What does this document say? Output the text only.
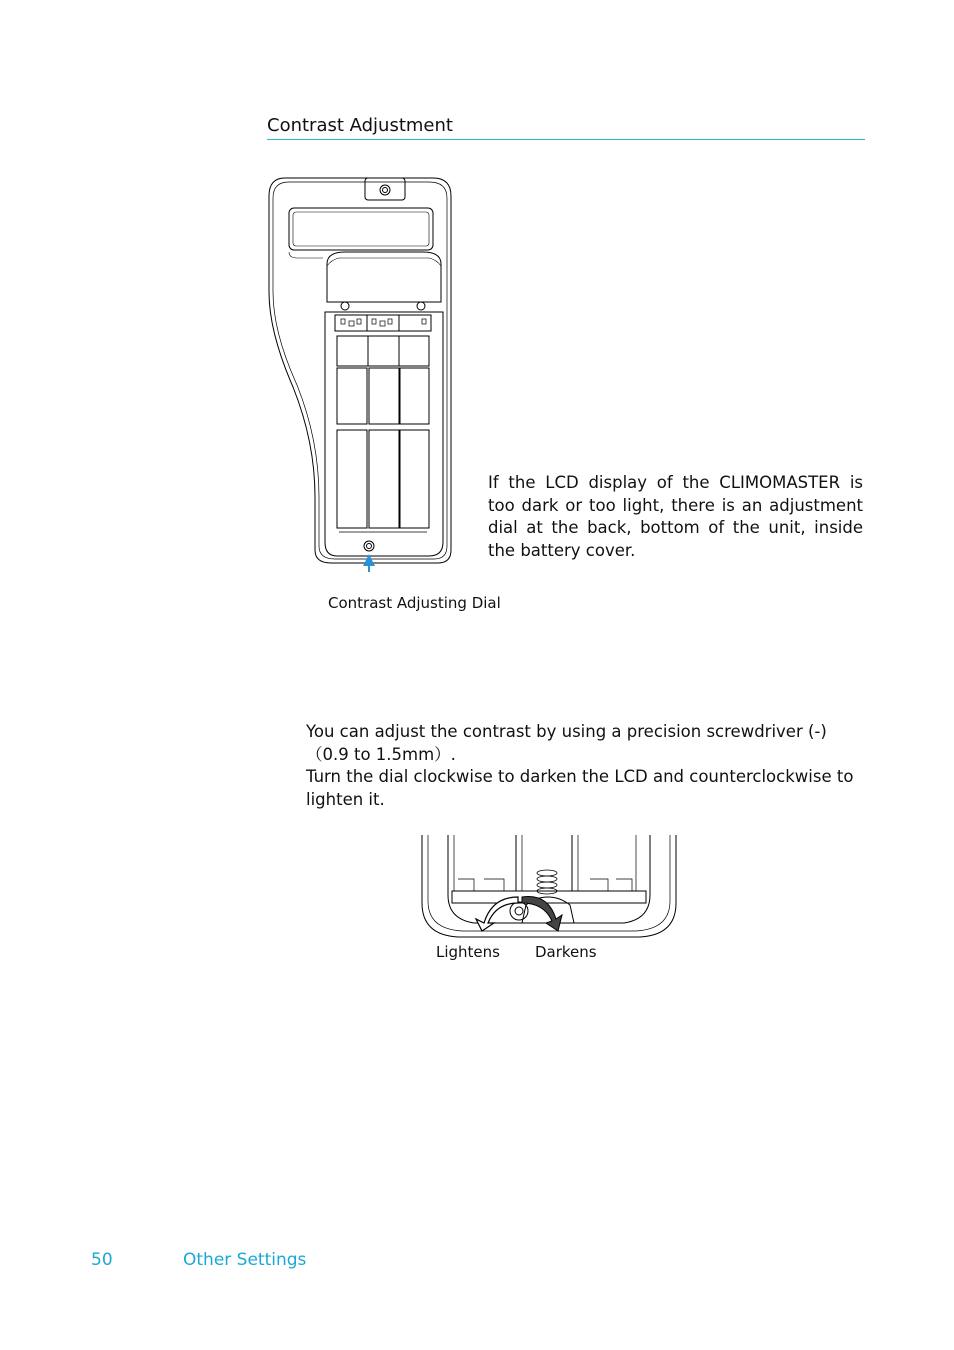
Contrast Adjustment
Contrast Adjusting Dial
If the LCD display of the CLIMOMASTER is too dark or too light, there is an adjustment dial at the back, bottom of the unit, inside the battery cover.

You can adjust the contrast by using a precision screwdriver (-)（0.9 to 1.5mm）.

Turn the dial clockwise to darken the LCD and counterclockwise to lighten it.

Lightens Darkens
50	Other Settings
